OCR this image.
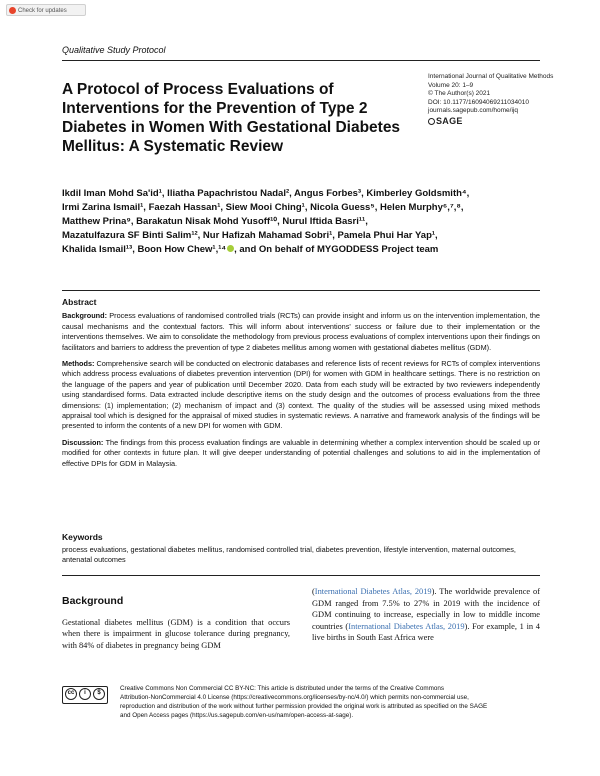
Check for updates
Qualitative Study Protocol
A Protocol of Process Evaluations of Interventions for the Prevention of Type 2 Diabetes in Women With Gestational Diabetes Mellitus: A Systematic Review
International Journal of Qualitative Methods
Volume 20: 1–9
© The Author(s) 2021
DOI: 10.1177/16094069211034010
journals.sagepub.com/home/ijq
SAGE
Ikdil Iman Mohd Sa'id¹, Iliatha Papachristou Nadal², Angus Forbes³, Kimberley Goldsmith⁴,
Irmi Zarina Ismail¹, Faezah Hassan¹, Siew Mooi Ching¹, Nicola Guess⁵, Helen Murphy⁶,⁷,⁸,
Matthew Prina⁹, Barakatun Nisak Mohd Yusoff¹⁰, Nurul Iftida Basri¹¹,
Mazatulfazura SF Binti Salim¹², Nur Hafizah Mahamad Sobri¹, Pamela Phui Har Yap¹,
Khalida Ismail¹³, Boon How Chew¹,¹⁴ , and On behalf of MYGODDESS Project team
Abstract

Background: Process evaluations of randomised controlled trials (RCTs) can provide insight and inform us on the intervention implementation, the causal mechanisms and the contextual factors. This will inform about interventions' success or failure due to their implementation or the interventions themselves. We aim to consolidate the methodology from previous process evaluations of complex interventions upon their findings on facilitators and barriers to address the prevention of type 2 diabetes mellitus among women with gestational diabetes mellitus (GDM).

Methods: Comprehensive search will be conducted on electronic databases and reference lists of recent reviews for RCTs of complex interventions which address process evaluations of diabetes prevention intervention (DPI) for women with GDM in healthcare settings. There is no restriction on the language of the papers and year of publication until December 2020. Data from each study will be extracted by two reviewers independently using standardised forms. Data extracted include descriptive items on the study design and the outcomes of process evaluations from the three dimensions: (1) implementation; (2) mechanism of impact and (3) context. The quality of the studies will be assessed using mixed methods appraisal tool which is designed for the appraisal of mixed studies in systematic reviews. A narrative and framework analysis of the findings will be presented to inform the contents of a new DPI for women with GDM.

Discussion: The findings from this process evaluation findings are valuable in determining whether a complex intervention should be scaled up or modified for other contexts in future plan. It will give deeper understanding of potential challenges and solutions to aid in the implementation of effective DPIs for GDM in Malaysia.

Keywords
process evaluations, gestational diabetes mellitus, randomised controlled trial, diabetes prevention, lifestyle intervention, maternal outcomes, antenatal outcomes
Background

Gestational diabetes mellitus (GDM) is a condition that occurs when there is impairment in glucose tolerance during pregnancy, with 84% of diabetes in pregnancy being GDM

(International Diabetes Atlas, 2019). The worldwide prevalence of GDM ranged from 7.5% to 27% in 2019 with the incidence of GDM continuing to increase, especially in low to middle income countries (International Diabetes Atlas, 2019). For example, 1 in 4 live births in South East Africa were

cc	i	$
Creative Commons Non Commercial CC BY-NC: This article is distributed under the terms of the Creative Commons
Attribution-NonCommercial 4.0 License (https://creativecommons.org/licenses/by-nc/4.0/) which permits non-commercial use,
reproduction and distribution of the work without further permission provided the original work is attributed as specified on the SAGE
and Open Access pages (https://us.sagepub.com/en-us/nam/open-access-at-sage).
